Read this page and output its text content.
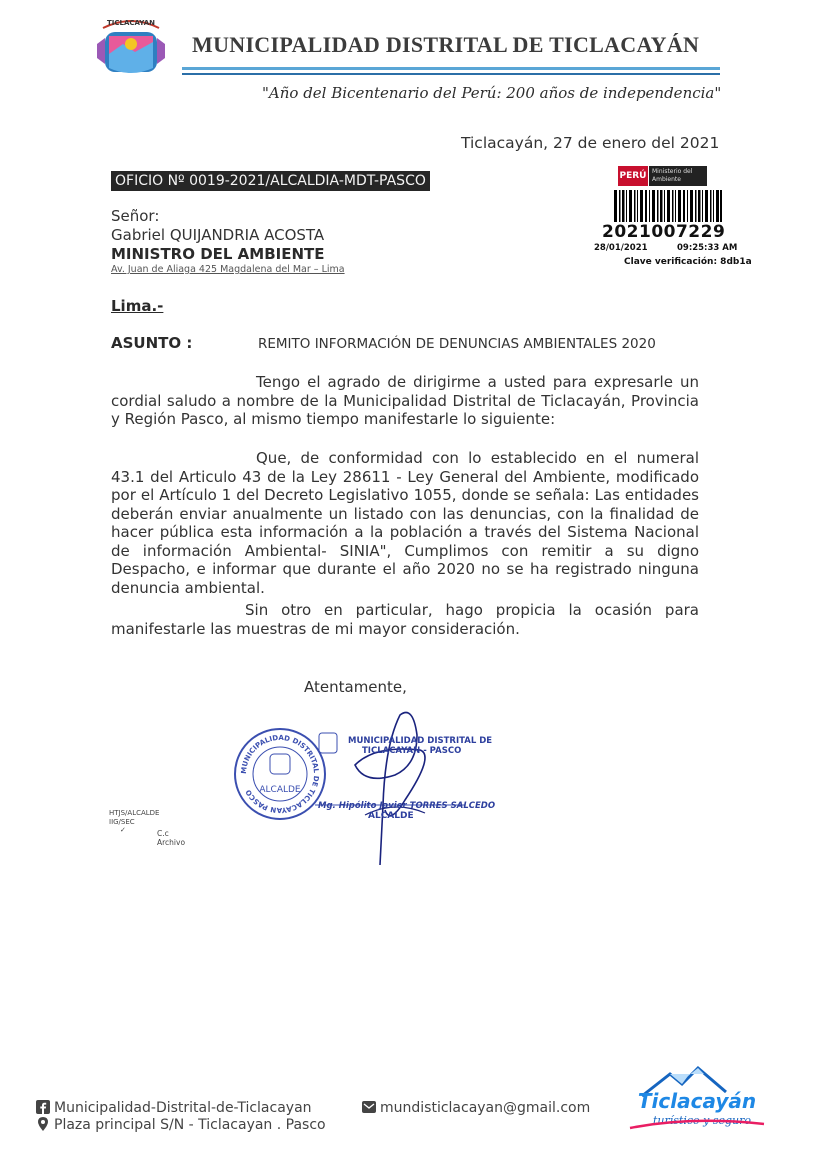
TICLACAYAN
MUNICIPALIDAD DISTRITAL DE TICLACAYÁN
"Año del Bicentenario del Perú: 200 años de independencia"
Ticlacayán, 27 de enero del 2021
OFICIO Nº 0019-2021/ALCALDIA-MDT-PASCO	PERÚ Ministerio del Ambiente
2021007229
28/01/2021	09:25:33 AM
Clave verificación: 8db1a
Señor:
Gabriel QUIJANDRIA ACOSTA
MINISTRO DEL AMBIENTE
Av. Juan de Aliaga 425 Magdalena del Mar – Lima
Lima.-
ASUNTO :	REMITO INFORMACIÓN DE DENUNCIAS AMBIENTALES 2020
Tengo el agrado de dirigirme a usted para expresarle un cordial saludo a nombre de la Municipalidad Distrital de Ticlacayán, Provincia y Región Pasco, al mismo tiempo manifestarle lo siguiente:
Que, de conformidad con lo establecido en el numeral 43.1 del Articulo 43 de la Ley 28611 - Ley General del Ambiente, modificado por el Artículo 1 del Decreto Legislativo 1055, donde se señala: Las entidades deberán enviar anualmente un listado con las denuncias, con la finalidad de hacer pública esta información a la población a través del Sistema Nacional de información Ambiental- SINIA", Cumplimos con remitir a su digno Despacho, e informar que durante el año 2020 no se ha registrado ninguna denuncia ambiental.
Sin otro en particular, hago propicia la ocasión para manifestarle las muestras de mi mayor consideración.
Atentamente,
MUNICIPALIDAD DISTRITAL DE TICLACAYAN PASCO ALCALDE
MUNICIPALIDAD DISTRITAL DE
TICLACAYAN - PASCO
Mg. Hipólito Javier TORRES SALCEDO
ALCALDE
HTJS/ALCALDE
IIG/SEC
✓	C.c
Archivo
Municipalidad-Distrital-de-Ticlacayan
Plaza principal S/N - Ticlacayan . Pasco
mundisticlacayan@gmail.com Ticlacayán
turístico y seguro
